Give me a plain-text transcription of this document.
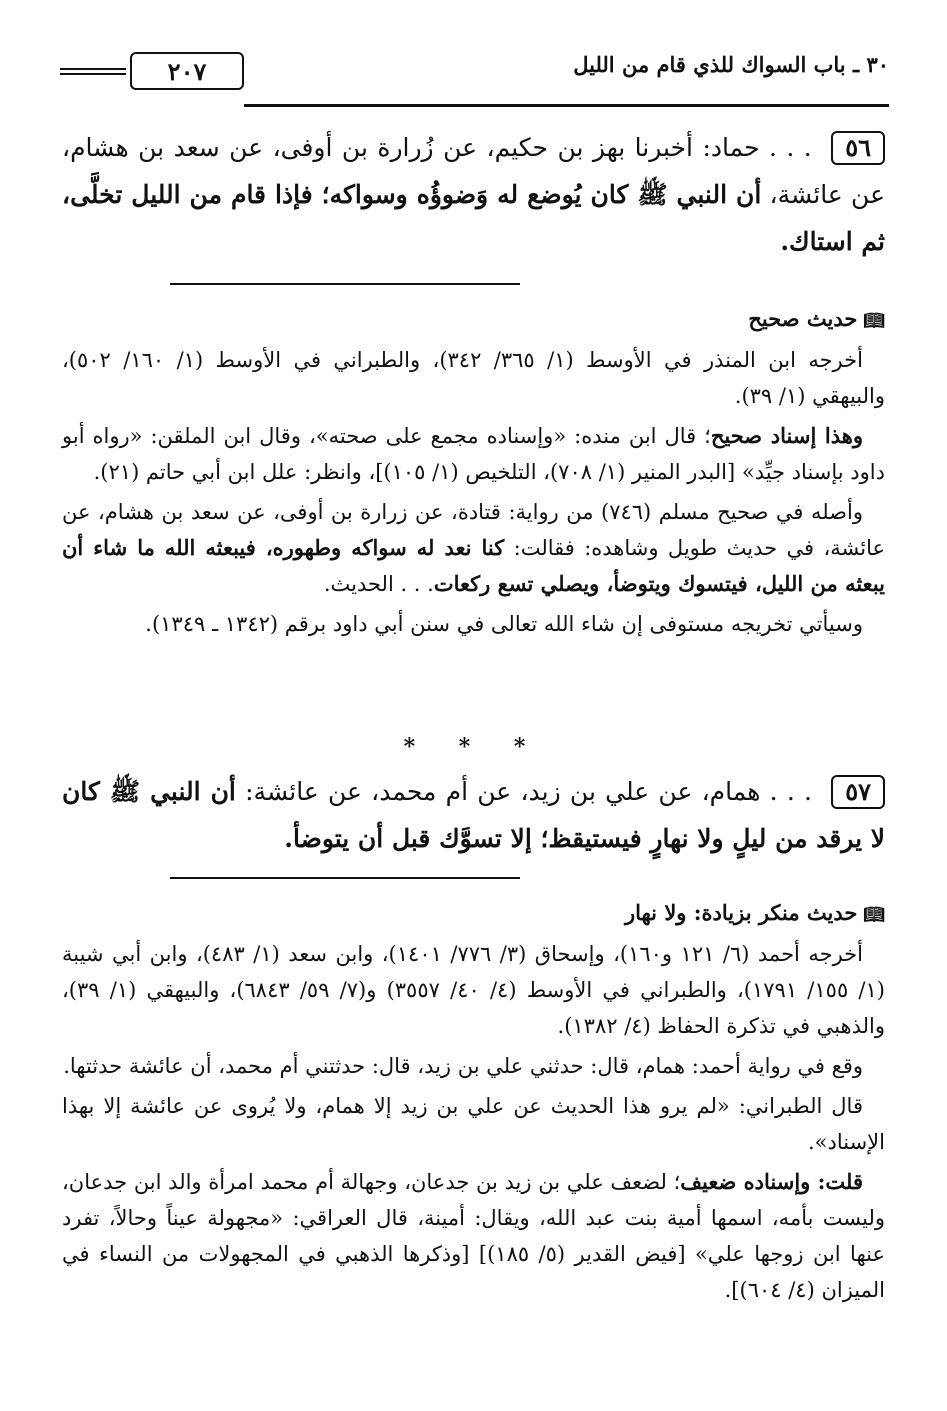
٣٠ ـ باب السواك للذي قام من الليل
٢٠٧
٥٦ . . . حماد: أخبرنا بهز بن حكيم، عن زُرارة بن أوفى، عن سعد بن هشام، عن عائشة، أن النبي ﷺ كان يُوضع له وَضوؤُه وسواكه؛ فإذا قام من الليل تخلَّى، ثم استاك.
📖︎حديث صحيح

أخرجه ابن المنذر في الأوسط (١/ ٣٦٥/ ٣٤٢)، والطبراني في الأوسط (١/ ١٦٠/ ٥٠٢)، والبيهقي (١/ ٣٩).

وهذا إسناد صحيح؛ قال ابن منده: «وإسناده مجمع على صحته»، وقال ابن الملقن: «رواه أبو داود بإسناد جيِّد» [البدر المنير (١/ ٧٠٨)، التلخيص (١/ ١٠٥)]، وانظر: علل ابن أبي حاتم (٢١).

وأصله في صحيح مسلم (٧٤٦) من رواية: قتادة، عن زرارة بن أوفى، عن سعد بن هشام، عن عائشة، في حديث طويل وشاهده: فقالت: كنا نعد له سواكه وطهوره، فيبعثه الله ما شاء أن يبعثه من الليل، فيتسوك ويتوضأ، ويصلي تسع ركعات. . . الحديث.

وسيأتي تخريجه مستوفى إن شاء الله تعالى في سنن أبي داود برقم (١٣٤٢ ـ ١٣٤٩).

* * *
٥٧ . . . همام، عن علي بن زيد، عن أم محمد، عن عائشة: أن النبي ﷺ كان لا يرقد من ليلٍ ولا نهارٍ فيستيقظ؛ إلا تسوَّك قبل أن يتوضأ.
📖︎حديث منكر بزيادة: ولا نهار

أخرجه أحمد (٦/ ١٢١ و١٦٠)، وإسحاق (٣/ ٧٧٦/ ١٤٠١)، وابن سعد (١/ ٤٨٣)، وابن أبي شيبة (١/ ١٥٥/ ١٧٩١)، والطبراني في الأوسط (٤/ ٤٠/ ٣٥٥٧) و(٧/ ٥٩/ ٦٨٤٣)، والبيهقي (١/ ٣٩)، والذهبي في تذكرة الحفاظ (٤/ ١٣٨٢).

وقع في رواية أحمد: همام، قال: حدثني علي بن زيد، قال: حدثتني أم محمد، أن عائشة حدثتها.

قال الطبراني: «لم يرو هذا الحديث عن علي بن زيد إلا همام، ولا يُروى عن عائشة إلا بهذا الإسناد».

قلت: وإسناده ضعيف؛ لضعف علي بن زيد بن جدعان، وجهالة أم محمد امرأة والد ابن جدعان، وليست بأمه، اسمها أمية بنت عبد الله، ويقال: أمينة، قال العراقي: «مجهولة عيناً وحالاً، تفرد عنها ابن زوجها علي» [فيض القدير (٥/ ١٨٥)] [وذكرها الذهبي في المجهولات من النساء في الميزان (٤/ ٦٠٤)].
